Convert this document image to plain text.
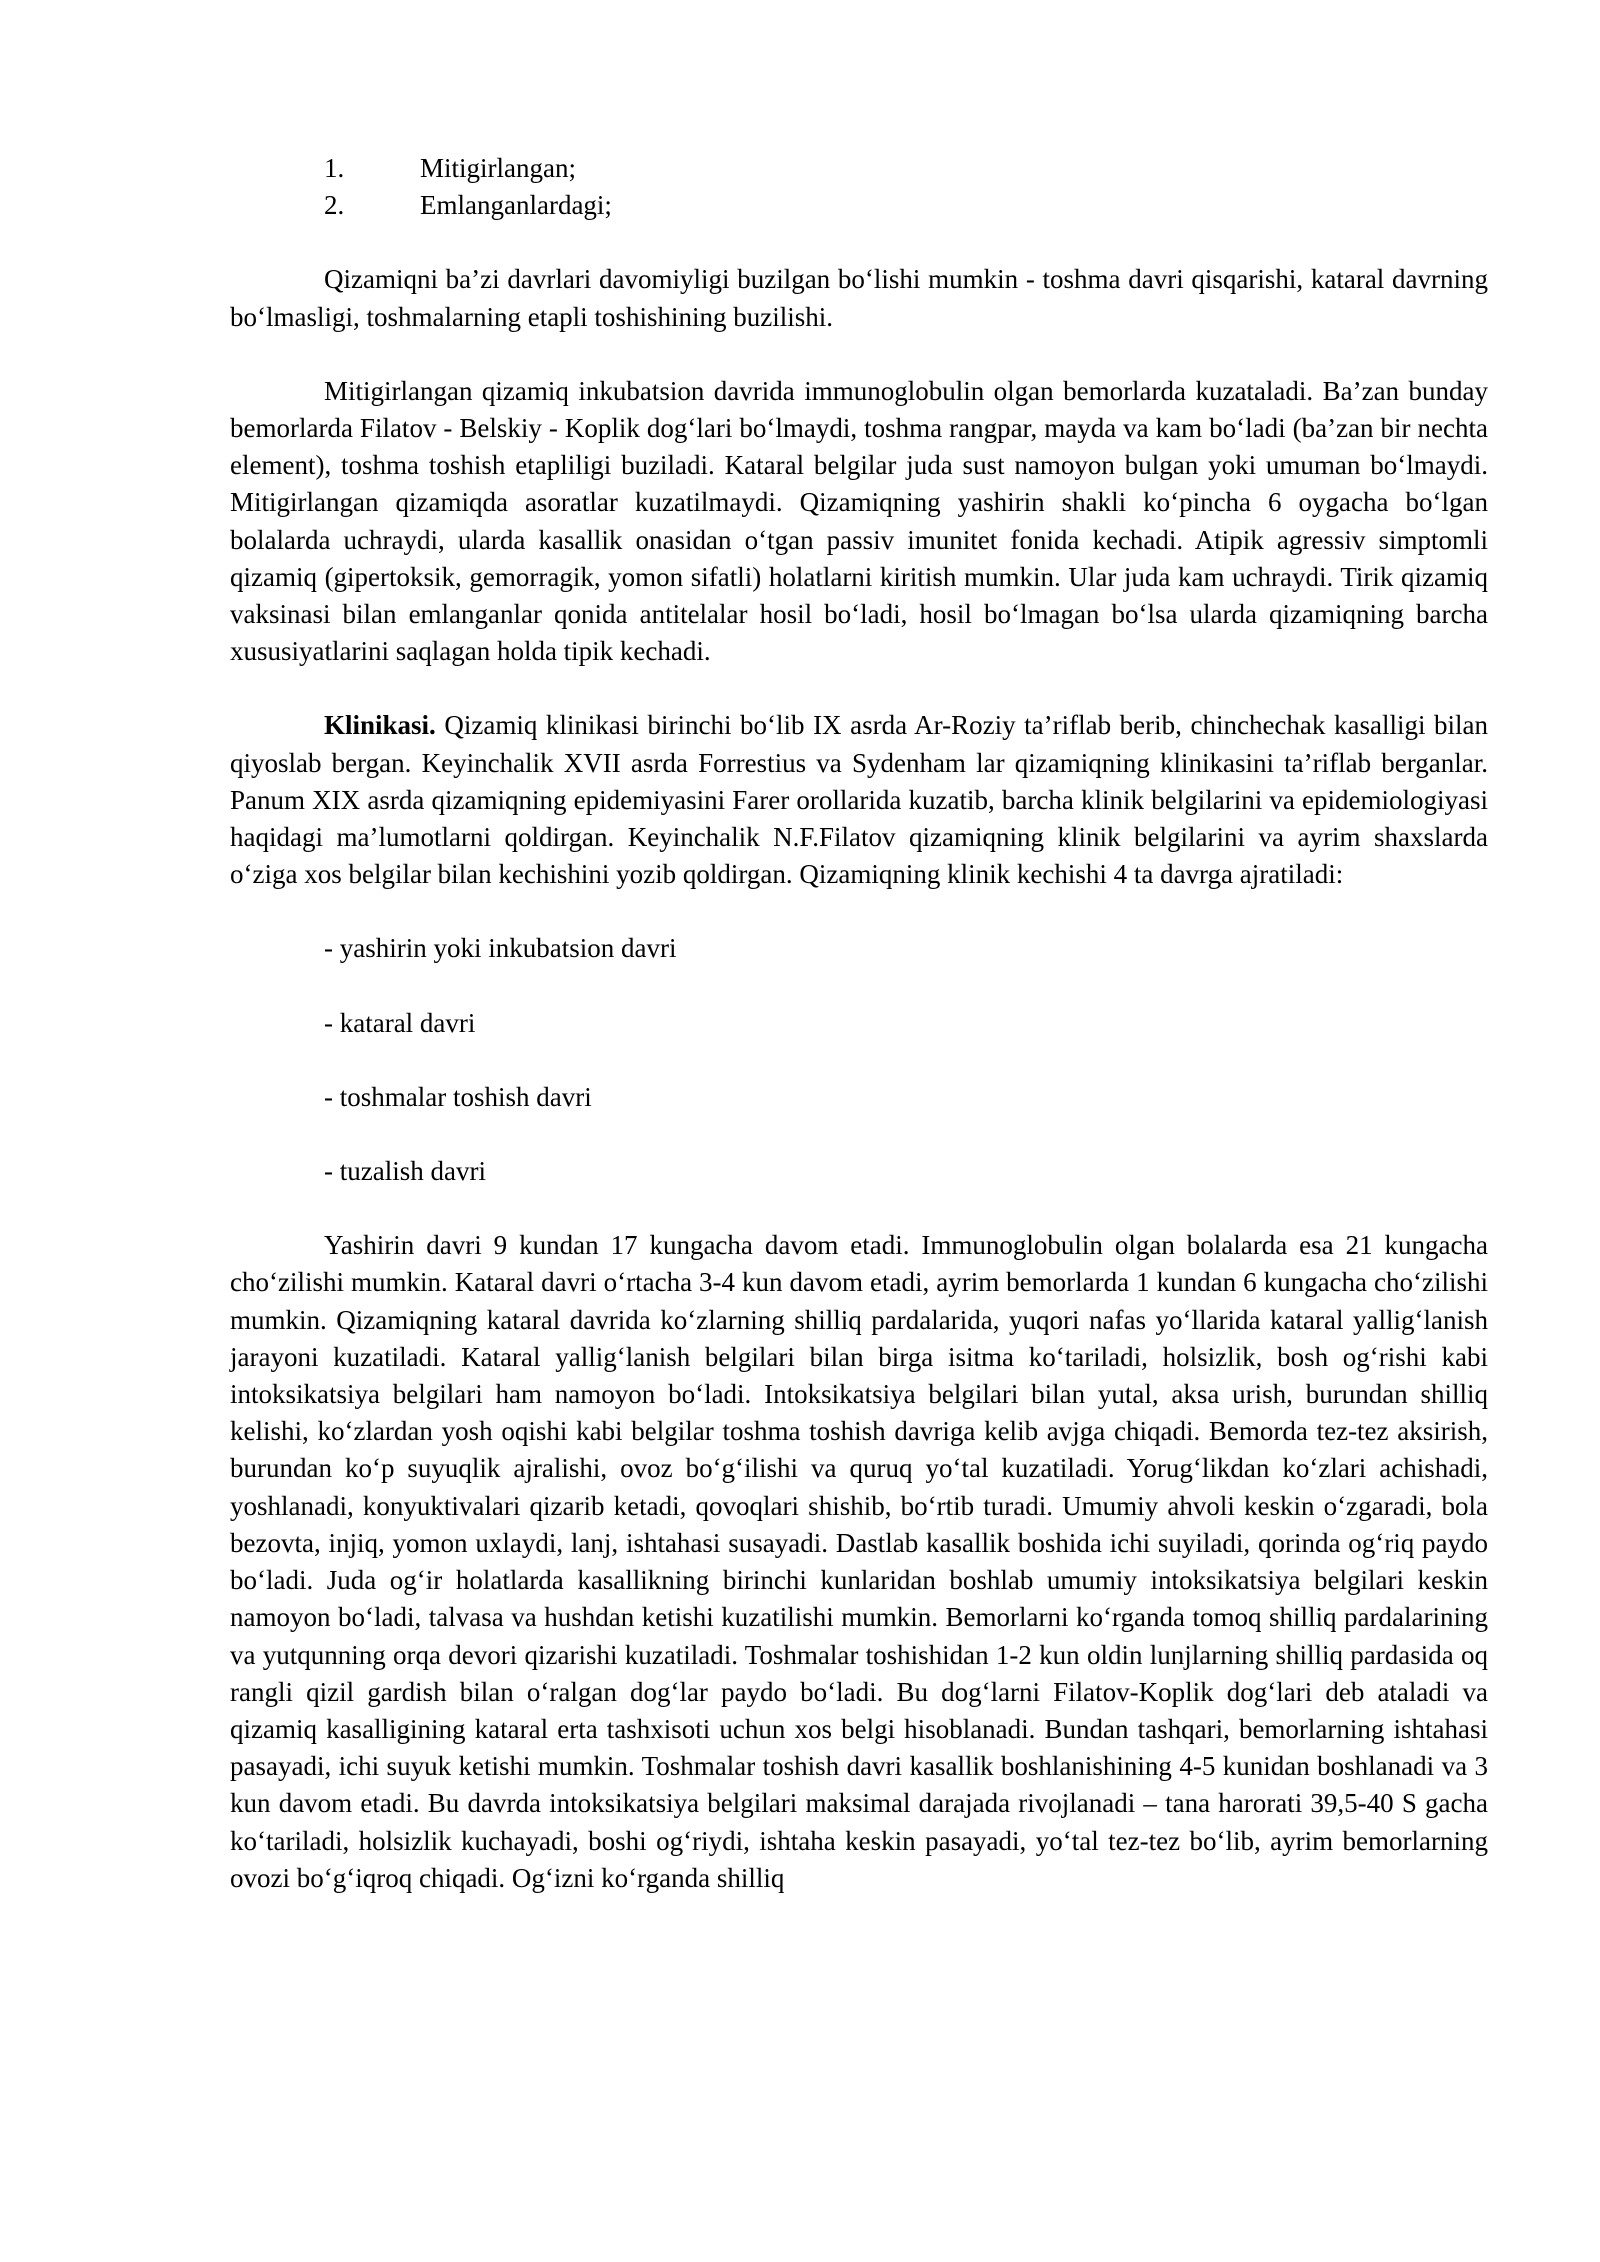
1.	Mitigirlangan;
2.	Emlanganlardagi;

Qizamiqni ba’zi davrlari davomiyligi buzilgan bo‘lishi mumkin - toshma davri qisqarishi, kataral davrning bo‘lmasligi, toshmalarning etapli toshishining buzilishi.

Mitigirlangan qizamiq inkubatsion davrida immunoglobulin olgan bemorlarda kuzataladi. Ba’zan bunday bemorlarda Filatov - Belskiy - Koplik dog‘lari bo‘lmaydi, toshma rangpar, mayda va kam bo‘ladi (ba’zan bir nechta element), toshma toshish etapliligi buziladi. Kataral belgilar juda sust namoyon bulgan yoki umuman bo‘lmaydi. Mitigirlangan qizamiqda asoratlar kuzatilmaydi. Qizamiqning yashirin shakli ko‘pincha 6 oygacha bo‘lgan bolalarda uchraydi, ularda kasallik onasidan o‘tgan passiv imunitet fonida kechadi. Atipik agressiv simptomli qizamiq (gipertoksik, gemorragik, yomon sifatli) holatlarni kiritish mumkin. Ular juda kam uchraydi. Tirik qizamiq vaksinasi bilan emlanganlar qonida antitelalar hosil bo‘ladi, hosil bo‘lmagan bo‘lsa ularda qizamiqning barcha xususiyatlarini saqlagan holda tipik kechadi.

Klinikasi. Qizamiq klinikasi birinchi bo‘lib IX asrda Ar-Roziy ta’riflab berib, chinchechak kasalligi bilan qiyoslab bergan. Keyinchalik XVII asrda Forrestius va Sydenham lar qizamiqning klinikasini ta’riflab berganlar. Panum XIX asrda qizamiqning epidemiyasini Farer orollarida kuzatib, barcha klinik belgilarini va epidemiologiyasi haqidagi ma’lumotlarni qoldirgan. Keyinchalik N.F.Filatov qizamiqning klinik belgilarini va ayrim shaxslarda o‘ziga xos belgilar bilan kechishini yozib qoldirgan. Qizamiqning klinik kechishi 4 ta davrga ajratiladi:

- yashirin yoki inkubatsion davri

- kataral davri

- toshmalar toshish davri

- tuzalish davri

Yashirin davri 9 kundan 17 kungacha davom etadi. Immunoglobulin olgan bolalarda esa 21 kungacha cho‘zilishi mumkin. Kataral davri o‘rtacha 3-4 kun davom etadi, ayrim bemorlarda 1 kundan 6 kungacha cho‘zilishi mumkin. Qizamiqning kataral davrida ko‘zlarning shilliq pardalarida, yuqori nafas yo‘llarida kataral yallig‘lanish jarayoni kuzatiladi. Kataral yallig‘lanish belgilari bilan birga isitma ko‘tariladi, holsizlik, bosh og‘rishi kabi intoksikatsiya belgilari ham namoyon bo‘ladi. Intoksikatsiya belgilari bilan yutal, aksa urish, burundan shilliq kelishi, ko‘zlardan yosh oqishi kabi belgilar toshma toshish davriga kelib avjga chiqadi. Bemorda tez-tez aksirish, burundan ko‘p suyuqlik ajralishi, ovoz bo‘g‘ilishi va quruq yo‘tal kuzatiladi. Yorug‘likdan ko‘zlari achishadi, yoshlanadi, konyuktivalari qizarib ketadi, qovoqlari shishib, bo‘rtib turadi. Umumiy ahvoli keskin o‘zgaradi, bola bezovta, injiq, yomon uxlaydi, lanj, ishtahasi susayadi. Dastlab kasallik boshida ichi suyiladi, qorinda og‘riq paydo bo‘ladi. Juda og‘ir holatlarda kasallikning birinchi kunlaridan boshlab umumiy intoksikatsiya belgilari keskin namoyon bo‘ladi, talvasa va hushdan ketishi kuzatilishi mumkin. Bemorlarni ko‘rganda tomoq shilliq pardalarining va yutqunning orqa devori qizarishi kuzatiladi. Toshmalar toshishidan 1-2 kun oldin lunjlarning shilliq pardasida oq rangli qizil gardish bilan o‘ralgan dog‘lar paydo bo‘ladi. Bu dog‘larni Filatov-Koplik dog‘lari deb ataladi va qizamiq kasalligining kataral erta tashxisoti uchun xos belgi hisoblanadi. Bundan tashqari, bemorlarning ishtahasi pasayadi, ichi suyuk ketishi mumkin. Toshmalar toshish davri kasallik boshlanishining 4-5 kunidan boshlanadi va 3 kun davom etadi. Bu davrda intoksikatsiya belgilari maksimal darajada rivojlanadi – tana harorati 39,5-40 S gacha ko‘tariladi, holsizlik kuchayadi, boshi og‘riydi, ishtaha keskin pasayadi, yo‘tal tez-tez bo‘lib, ayrim bemorlarning ovozi bo‘g‘iqroq chiqadi. Og‘izni ko‘rganda shilliq
